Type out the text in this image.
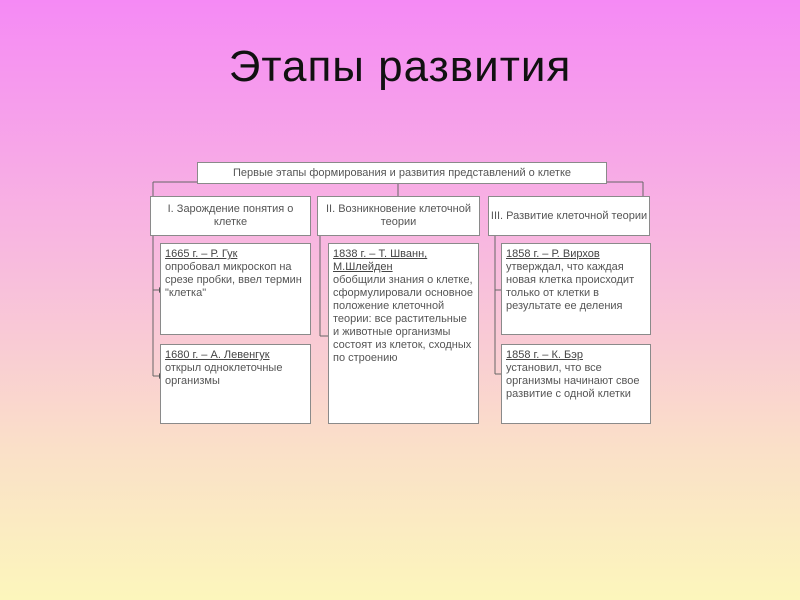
Этапы развития
Первые этапы формирования и развития представлений о клетке
I. Зарождение понятия о клетке
II. Возникновение клеточной теории
III. Развитие клеточной теории
1665 г. – Р. Гук
опробовал микроскоп на срезе пробки, ввел термин "клетка"
1680 г. – А. Левенгук
открыл одноклеточные организмы
1838 г. – Т. Шванн, М.Шлейден
обобщили знания о клетке, сформулировали основное положение клеточной теории: все растительные и животные организмы состоят из клеток, сходных по строению
1858 г. – Р. Вирхов
утверждал, что каждая новая клетка происходит только от клетки в результате ее деления
1858 г. – К. Бэр
установил, что все организмы начинают свое развитие с одной клетки
